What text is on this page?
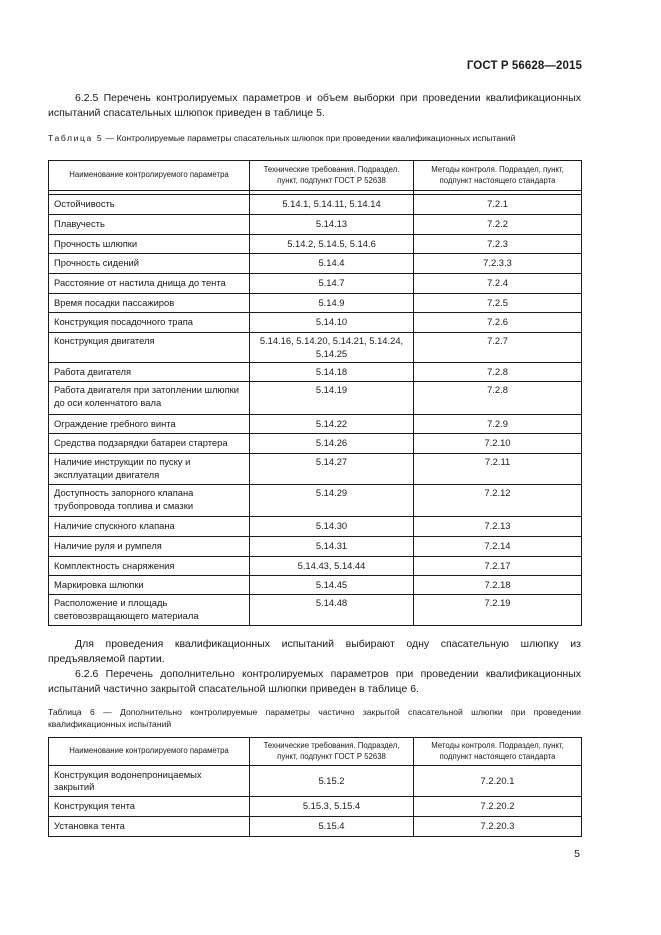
ГОСТ Р 56628—2015
6.2.5 Перечень контролируемых параметров и объем выборки при проведении квалификационных испытаний спасательных шлюпок приведен в таблице 5.
Таблица 5 — Контролируемые параметры спасательных шлюпок при проведении квалификационных испытаний
Наименование контролируемого параметра	Технические требования. Подраздел. пункт, подпункт ГОСТ Р 52638	Методы контроля. Подраздел, пункт, подпункт настоящего стандарта

Остойчивость	5.14.1, 5.14.11, 5.14.14	7.2.1
Плавучесть	5.14.13	7.2.2
Прочность шлюпки	5.14.2, 5.14.5, 5.14.6	7.2.3
Прочность сидений	5.14.4	7.2.3.3
Расстояние от настила днища до тента	5.14.7	7.2.4
Время посадки пассажиров	5.14.9	7.2.5
Конструкция посадочного трапа	5.14.10	7.2.6
Конструкция двигателя	5.14.16, 5.14.20, 5.14.21, 5.14.24, 5.14.25	7.2.7
Работа двигателя	5.14.18	7.2.8
Работа двигателя при затоплении шлюпки до оси коленчатого вала	5.14.19	7.2.8
Ограждение гребного винта	5.14.22	7.2.9
Средства подзарядки батареи стартера	5.14.26	7.2.10
Наличие инструкции по пуску и эксплуатации двигателя	5.14.27	7.2.11
Доступность запорного клапана трубопровода топлива и смазки	5.14.29	7.2.12
Наличие спускного клапана	5.14.30	7.2.13
Наличие руля и румпеля	5.14.31	7.2.14
Комплектность снаряжения	5.14.43, 5.14.44	7.2.17
Маркировка шлюпки	5.14.45	7.2.18
Расположение и площадь световозвращающего материала	5.14.48	7.2.19
Для проведения квалификационных испытаний выбирают одну спасательную шлюпку из предъявляемой партии.
6.2.6 Перечень дополнительно контролируемых параметров при проведении квалификационных испытаний частично закрытой спасательной шлюпки приведен в таблице 6.
Таблица 6 — Дополнительно контролируемые параметры частично закрытой спасательной шлюпки при проведении квалификационных испытаний
Наименование контролируемого параметра	Технические требования. Подраздел, пункт, подпункт ГОСТ Р 52638	Методы контроля. Подраздел, пункт, подпункт настоящего стандарта
Конструкция водонепроницаемых закрытий	5.15.2	7.2.20.1
Конструкция тента	5.15.3, 5.15.4	7.2.20.2
Установка тента	5.15.4	7.2.20.3
5
